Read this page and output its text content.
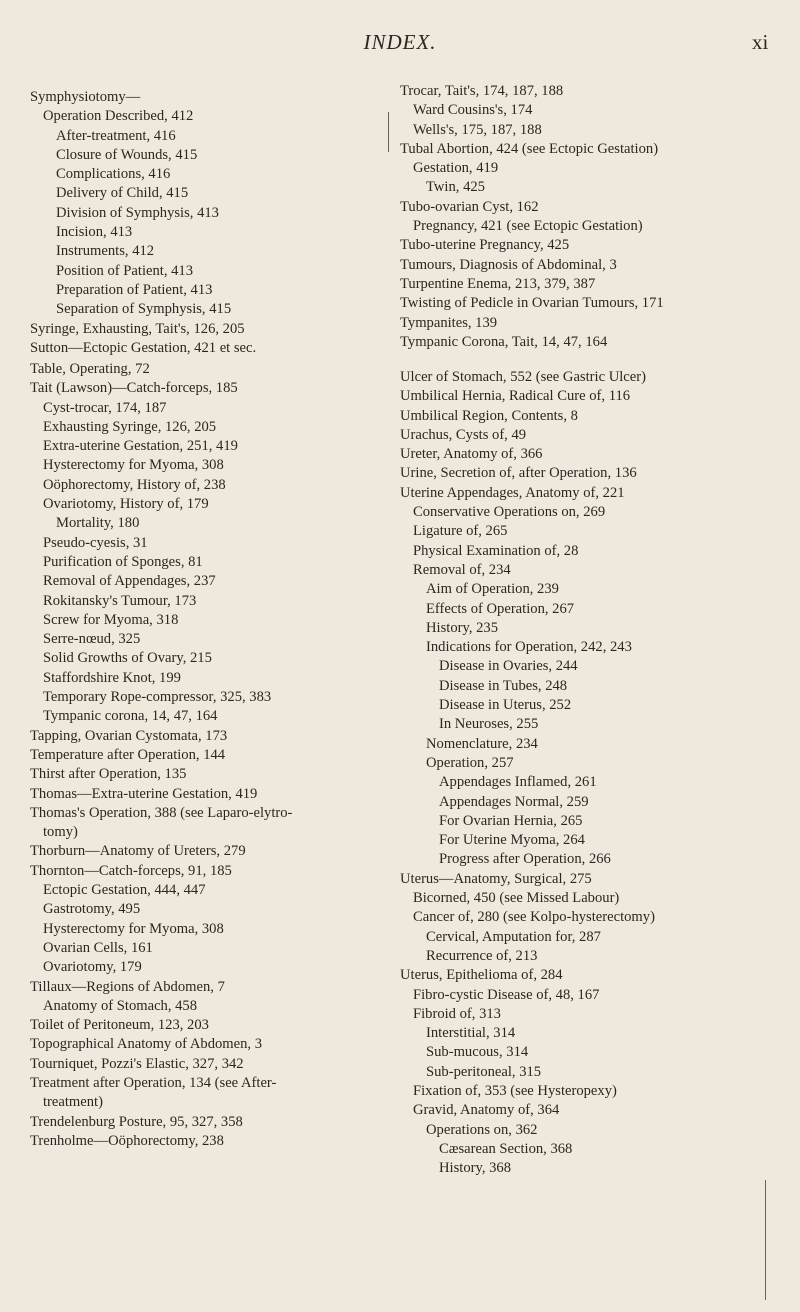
INDEX.	xi
Symphysiotomy—
Operation Described, 412
After-treatment, 416
Closure of Wounds, 415
Complications, 416
Delivery of Child, 415
Division of Symphysis, 413
Incision, 413
Instruments, 412
Position of Patient, 413
Preparation of Patient, 413
Separation of Symphysis, 415
Syringe, Exhausting, Tait's, 126, 205
Sutton—Ectopic Gestation, 421 et sec.
Table, Operating, 72
Tait (Lawson)—Catch-forceps, 185
Cyst-trocar, 174, 187
Exhausting Syringe, 126, 205
Extra-uterine Gestation, 251, 419
Hysterectomy for Myoma, 308
Oöphorectomy, History of, 238
Ovariotomy, History of, 179
Mortality, 180
Pseudo-cyesis, 31
Purification of Sponges, 81
Removal of Appendages, 237
Rokitansky's Tumour, 173
Screw for Myoma, 318
Serre-nœud, 325
Solid Growths of Ovary, 215
Staffordshire Knot, 199
Temporary Rope-compressor, 325, 383
Tympanic corona, 14, 47, 164
Tapping, Ovarian Cystomata, 173
Temperature after Operation, 144
Thirst after Operation, 135
Thomas—Extra-uterine Gestation, 419
Thomas's Operation, 388 (see Laparo-elytro-
tomy)
Thorburn—Anatomy of Ureters, 279
Thornton—Catch-forceps, 91, 185
Ectopic Gestation, 444, 447
Gastrotomy, 495
Hysterectomy for Myoma, 308
Ovarian Cells, 161
Ovariotomy, 179
Tillaux—Regions of Abdomen, 7
Anatomy of Stomach, 458
Toilet of Peritoneum, 123, 203
Topographical Anatomy of Abdomen, 3
Tourniquet, Pozzi's Elastic, 327, 342
Treatment after Operation, 134 (see After-
treatment)
Trendelenburg Posture, 95, 327, 358
Trenholme—Oöphorectomy, 238
Trocar, Tait's, 174, 187, 188
Ward Cousins's, 174
Wells's, 175, 187, 188
Tubal Abortion, 424 (see Ectopic Gestation)
Gestation, 419
Twin, 425
Tubo-ovarian Cyst, 162
Pregnancy, 421 (see Ectopic Gestation)
Tubo-uterine Pregnancy, 425
Tumours, Diagnosis of Abdominal, 3
Turpentine Enema, 213, 379, 387
Twisting of Pedicle in Ovarian Tumours, 171
Tympanites, 139
Tympanic Corona, Tait, 14, 47, 164
Ulcer of Stomach, 552 (see Gastric Ulcer)
Umbilical Hernia, Radical Cure of, 116
Umbilical Region, Contents, 8
Urachus, Cysts of, 49
Ureter, Anatomy of, 366
Urine, Secretion of, after Operation, 136
Uterine Appendages, Anatomy of, 221
Conservative Operations on, 269
Ligature of, 265
Physical Examination of, 28
Removal of, 234
Aim of Operation, 239
Effects of Operation, 267
History, 235
Indications for Operation, 242, 243
Disease in Ovaries, 244
Disease in Tubes, 248
Disease in Uterus, 252
In Neuroses, 255
Nomenclature, 234
Operation, 257
Appendages Inflamed, 261
Appendages Normal, 259
For Ovarian Hernia, 265
For Uterine Myoma, 264
Progress after Operation, 266
Uterus—Anatomy, Surgical, 275
Bicorned, 450 (see Missed Labour)
Cancer of, 280 (see Kolpo-hysterectomy)
Cervical, Amputation for, 287
Recurrence of, 213
Uterus, Epithelioma of, 284
Fibro-cystic Disease of, 48, 167
Fibroid of, 313
Interstitial, 314
Sub-mucous, 314
Sub-peritoneal, 315
Fixation of, 353 (see Hysteropexy)
Gravid, Anatomy of, 364
Operations on, 362
Cæsarean Section, 368
History, 368
